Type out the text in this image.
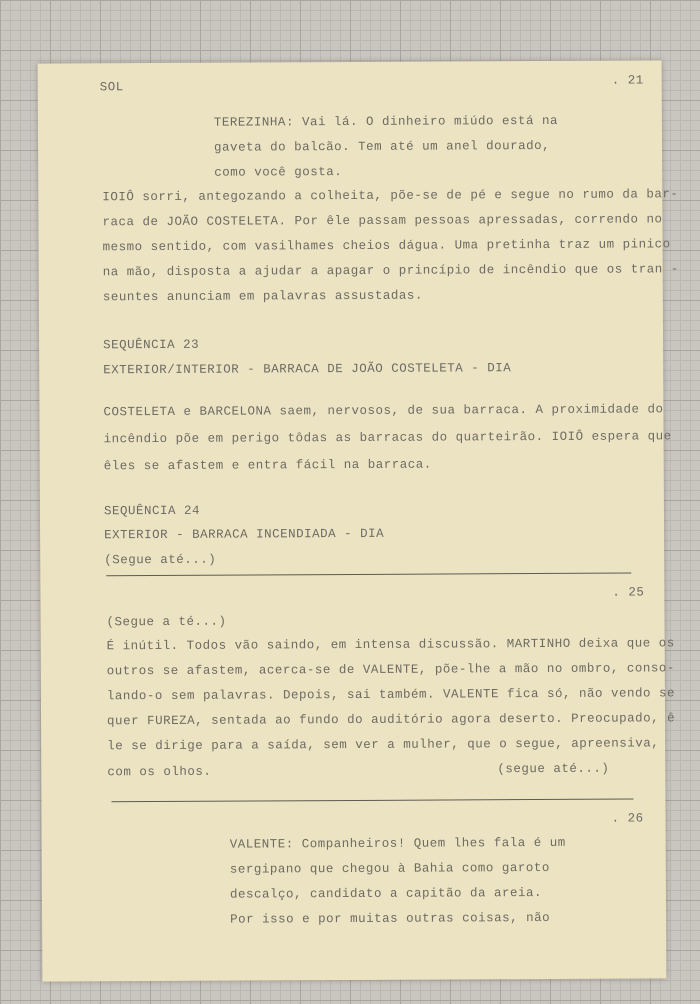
SOL	. 21
TEREZINHA: Vai lá. O dinheiro miúdo está na
gaveta do balcão. Tem até um anel dourado,
como você gosta.
IOIÔ sorri, antegozando a colheita, põe-se de pé e segue no rumo da bar-
raca de JOÃO COSTELETA. Por êle passam pessoas apressadas, correndo no
mesmo sentido, com vasilhames cheios dágua. Uma pretinha traz um pinico
na mão, disposta a ajudar a apagar o princípio de incêndio que os tran -
seuntes anunciam em palavras assustadas.
SEQUÊNCIA 23
EXTERIOR/INTERIOR - BARRACA DE JOÃO COSTELETA - DIA
COSTELETA e BARCELONA saem, nervosos, de sua barraca. A proximidade do
incêndio põe em perigo tôdas as barracas do quarteirão. IOIÔ espera que
êles se afastem e entra fácil na barraca.
SEQUÊNCIA 24
EXTERIOR - BARRACA INCENDIADA - DIA
(Segue até...)
. 25
(Segue a té...)
É inútil. Todos vão saindo, em intensa discussão. MARTINHO deixa que os
outros se afastem, acerca-se de VALENTE, põe-lhe a mão no ombro, conso-
lando-o sem palavras. Depois, sai também. VALENTE fica só, não vendo se
quer FUREZA, sentada ao fundo do auditório agora deserto. Preocupado, ê
le se dirige para a saída, sem ver a mulher, que o segue, apreensiva,
com os olhos.	(segue até...)
. 26
VALENTE: Companheiros! Quem lhes fala é um
sergipano que chegou à Bahia como garoto
descalço, candidato a capitão da areia.
Por isso e por muitas outras coisas, não
